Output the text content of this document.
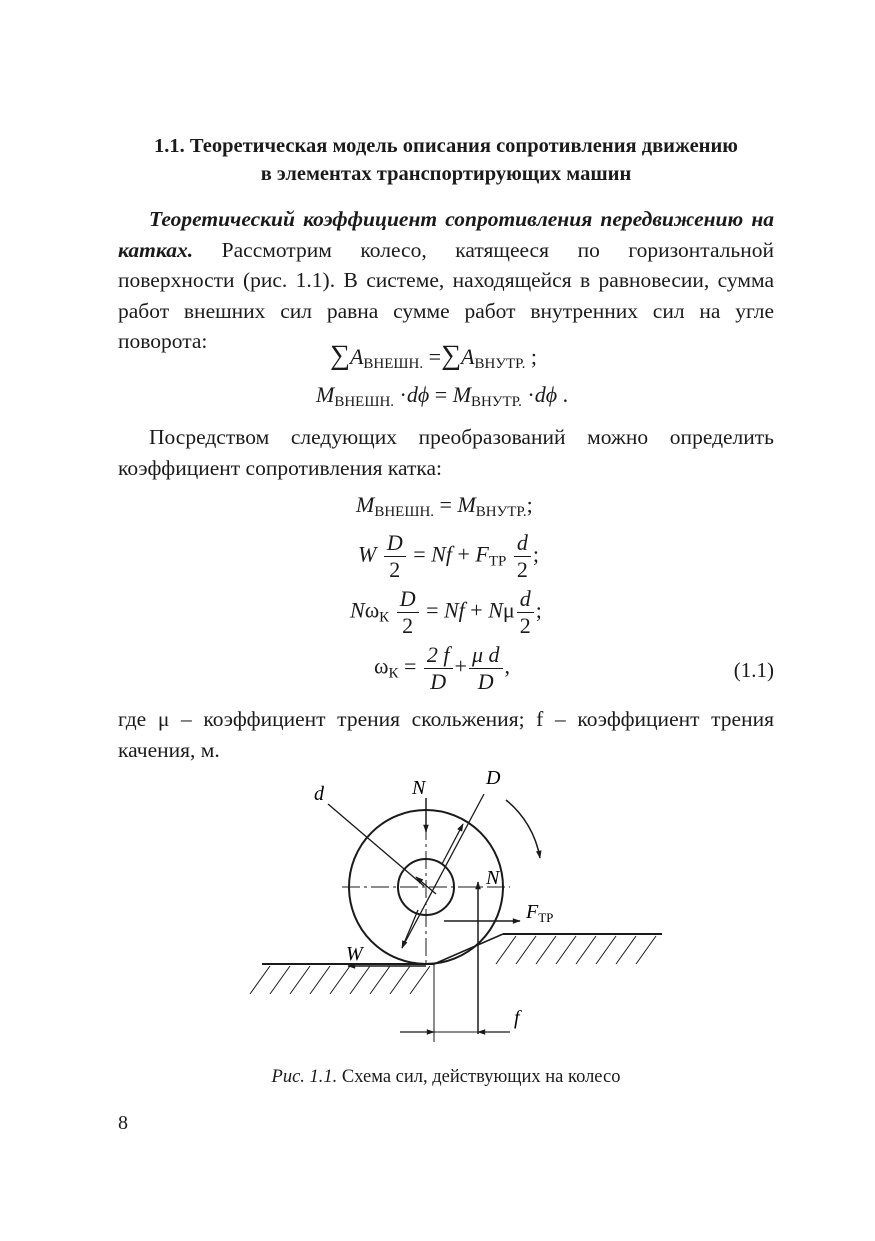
1.1. Теоретическая модель описания сопротивления движению
в элементах транспортирующих машин

Теоретический коэффициент сопротивления передвижению на катках. Рассмотрим колесо, катящееся по горизонтальной поверхности (рис. 1.1). В системе, находящейся в равновесии, сумма работ внешних сил равна сумме работ внутренних сил на угле поворота:	$\sum A_{ВНЕШН.} =\sum A_{ВНУТР.}$ ;
$M_{ВНЕШН.} \cdot d\phi = M_{ВНУТР.} \cdot d\phi$ .

Посредством следующих преобразований можно определить коэффициент сопротивления катка:

$M_{ВНЕШН.} = M_{ВНУТР.}$;
W $\frac{D}{2} = Nf + F_{ТР} \frac{d}{2}$ ;
$N\omega_К \frac{D}{2} = Nf + N\mu \frac{d}{2}$ ;
$\omega_К = \frac{2 f}{D} + \frac{\text{μ d}}{D}$ ,	(1.1)

где μ – коэффициент трения скольжения; f – коэффициент трения качения, м.

d	N	D
N
$F_{ТР}$
W
f
Рис. 1.1. Схема сил, действующих на колесо
8
